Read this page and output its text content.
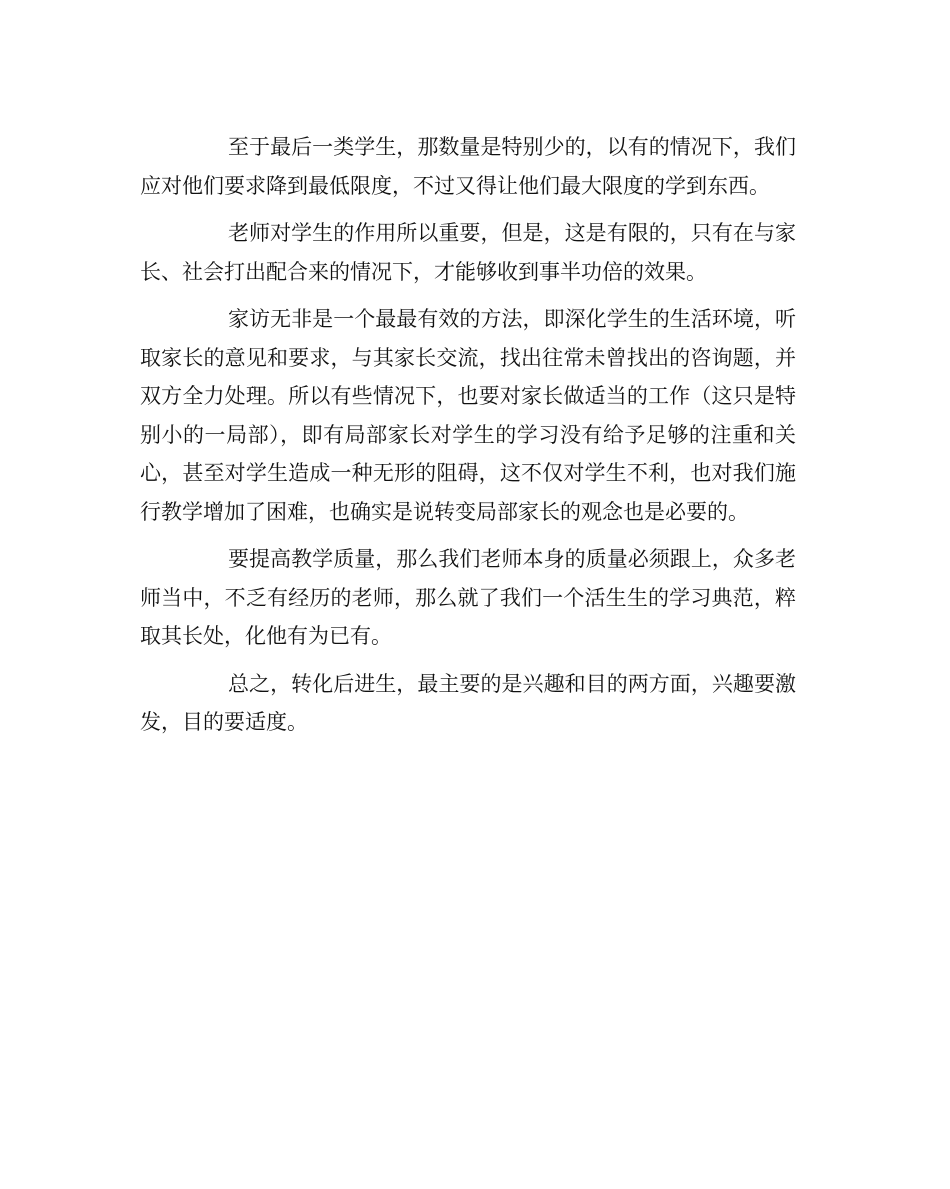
至于最后一类学生，那数量是特别少的，以有的情况下，我们应对他们要求降到最低限度，不过又得让他们最大限度的学到东西。

老师对学生的作用所以重要，但是，这是有限的，只有在与家长、社会打出配合来的情况下，才能够收到事半功倍的效果。

家访无非是一个最最有效的方法，即深化学生的生活环境，听取家长的意见和要求，与其家长交流，找出往常未曾找出的咨询题，并双方全力处理。所以有些情况下，也要对家长做适当的工作（这只是特别小的一局部），即有局部家长对学生的学习没有给予足够的注重和关心，甚至对学生造成一种无形的阻碍，这不仅对学生不利，也对我们施行教学增加了困难，也确实是说转变局部家长的观念也是必要的。

要提高教学质量，那么我们老师本身的质量必须跟上，众多老师当中，不乏有经历的老师，那么就了我们一个活生生的学习典范，粹取其长处，化他有为已有。

总之，转化后进生，最主要的是兴趣和目的两方面，兴趣要激发，目的要适度。
